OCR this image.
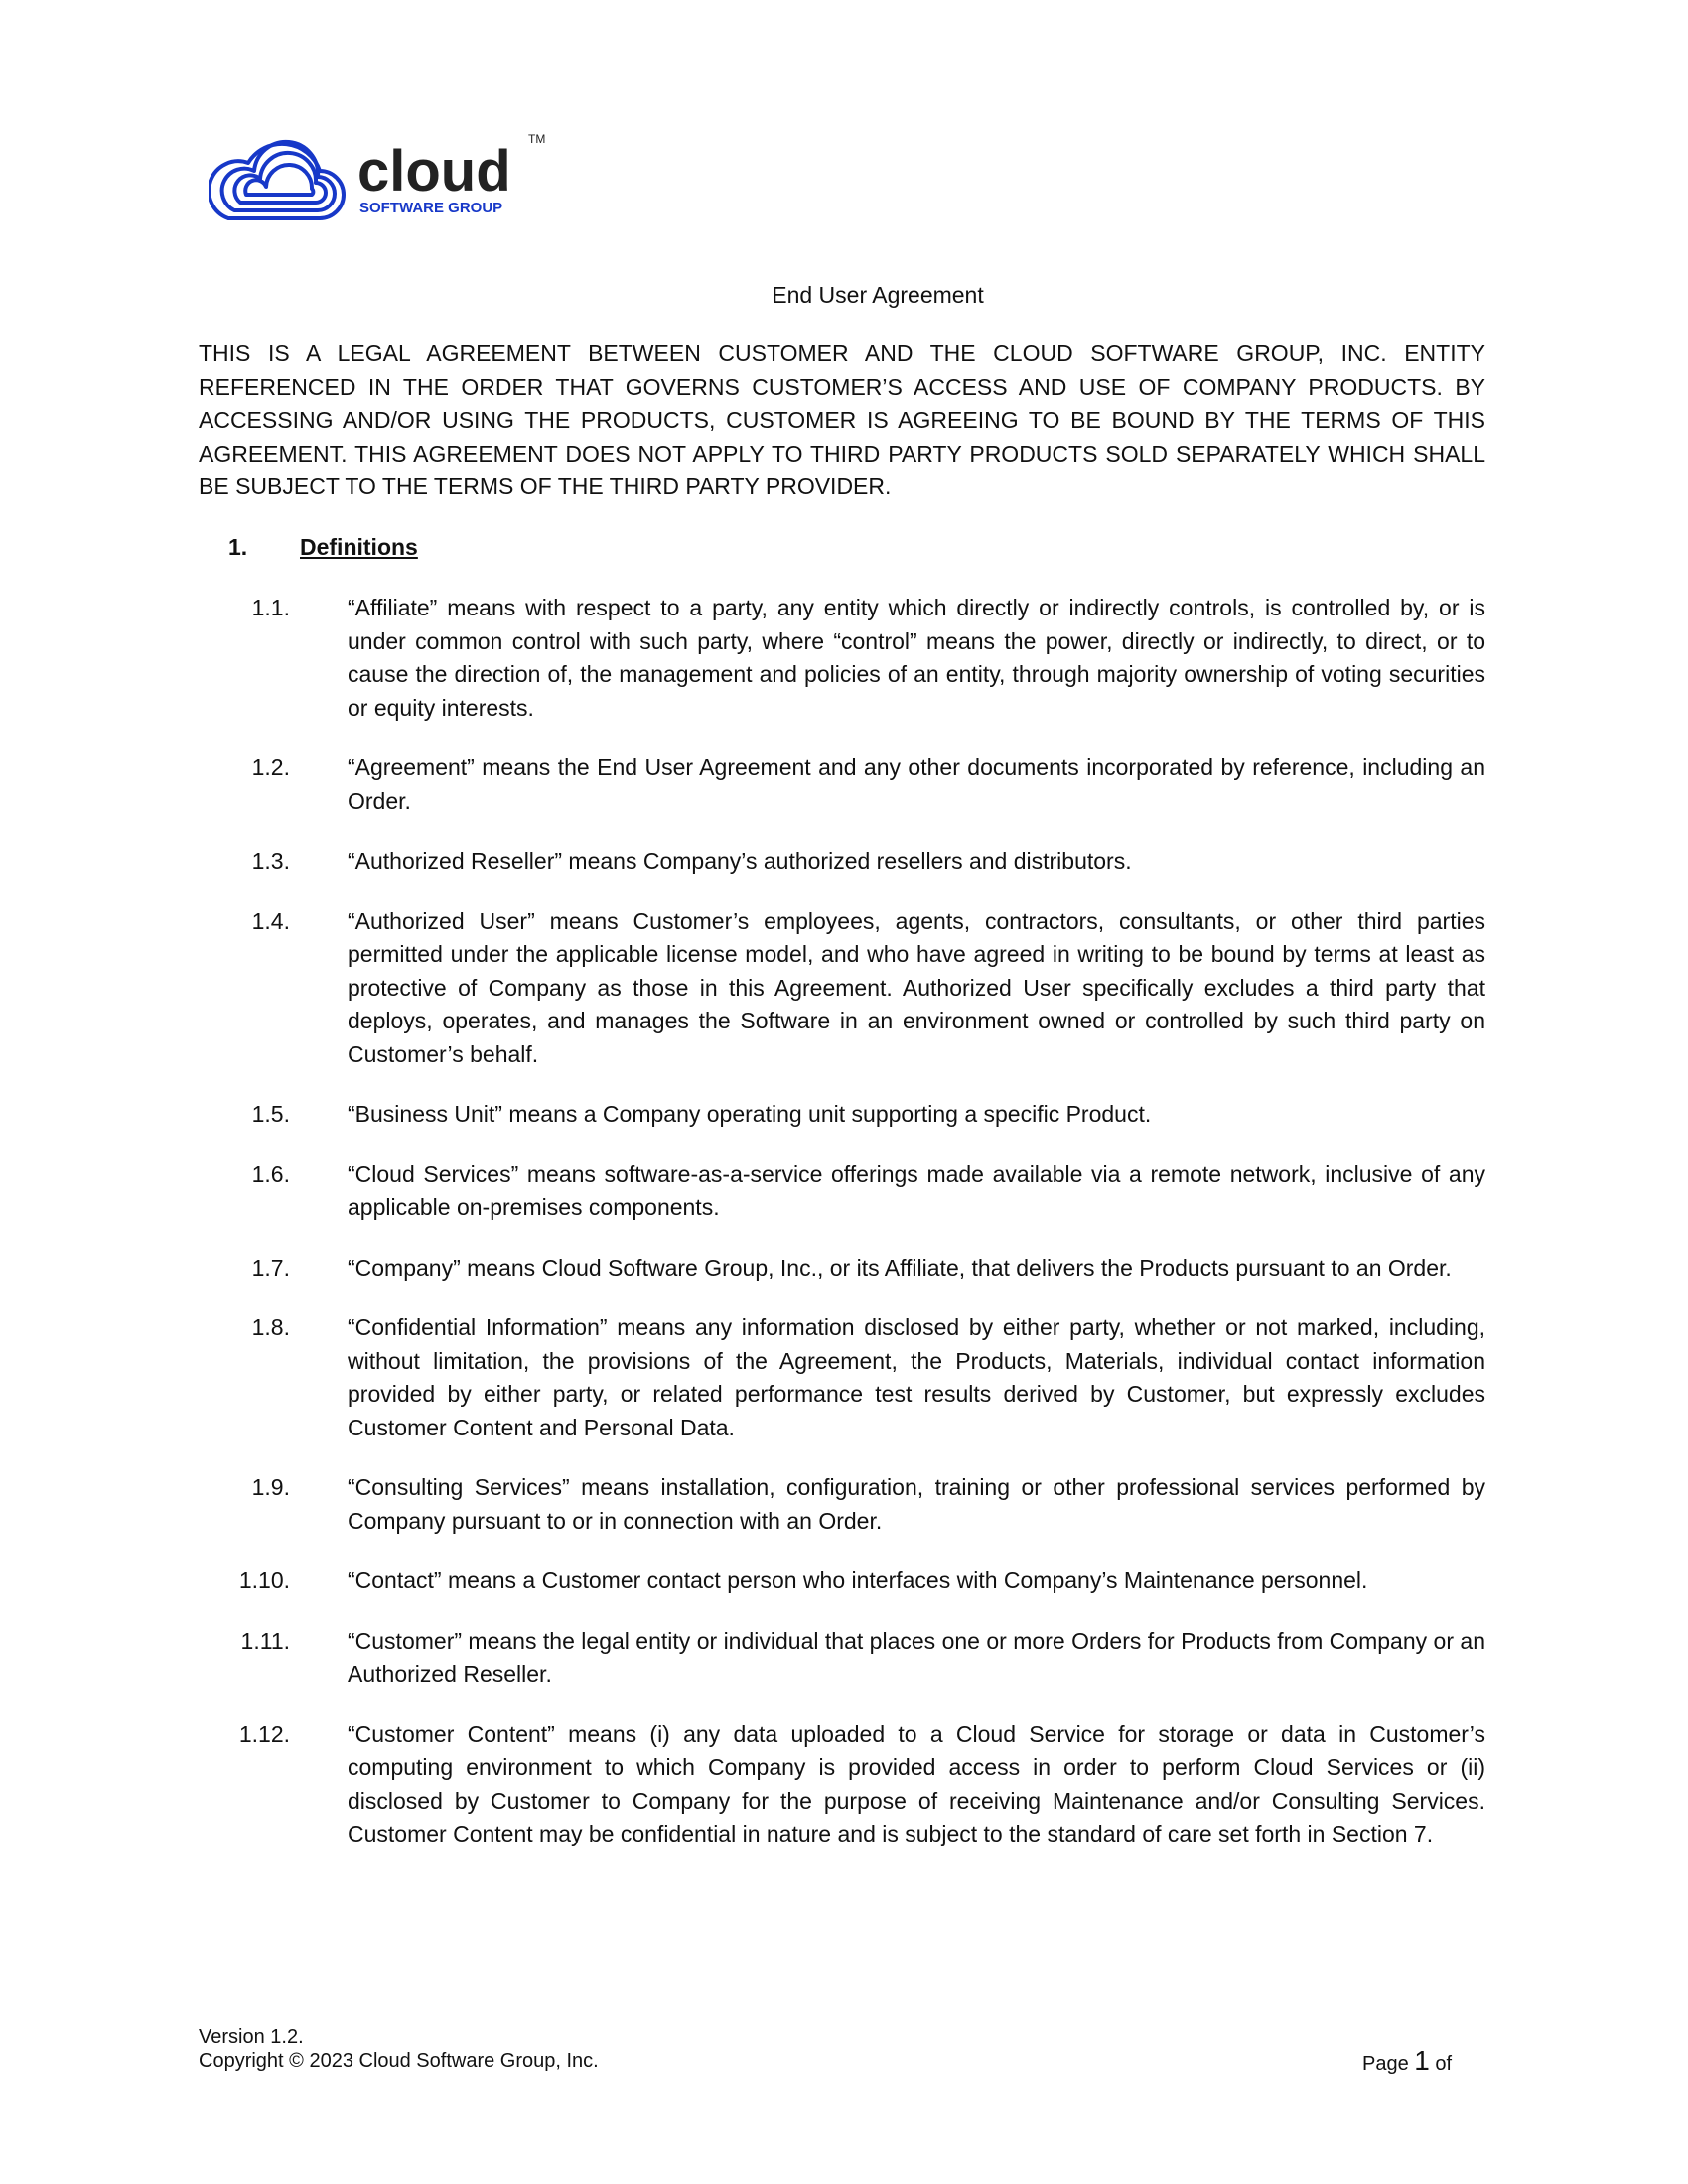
cloud TM
SOFTWARE GROUP
End User Agreement

THIS IS A LEGAL AGREEMENT BETWEEN CUSTOMER AND THE CLOUD SOFTWARE GROUP, INC. ENTITY REFERENCED IN THE ORDER THAT GOVERNS CUSTOMER’S ACCESS AND USE OF COMPANY PRODUCTS. BY ACCESSING AND/OR USING THE PRODUCTS, CUSTOMER IS AGREEING TO BE BOUND BY THE TERMS OF THIS AGREEMENT. THIS AGREEMENT DOES NOT APPLY TO THIRD PARTY PRODUCTS SOLD SEPARATELY WHICH SHALL BE SUBJECT TO THE TERMS OF THE THIRD PARTY PROVIDER.

1. Definitions
1.1.	“Affiliate” means with respect to a party, any entity which directly or indirectly controls, is controlled by, or is under common control with such party, where “control” means the power, directly or indirectly, to direct, or to cause the direction of, the management and policies of an entity, through majority ownership of voting securities or equity interests.
1.2.	“Agreement” means the End User Agreement and any other documents incorporated by reference, including an Order.
1.3.	“Authorized Reseller” means Company’s authorized resellers and distributors.
1.4.	“Authorized User” means Customer’s employees, agents, contractors, consultants, or other third parties permitted under the applicable license model, and who have agreed in writing to be bound by terms at least as protective of Company as those in this Agreement. Authorized User specifically excludes a third party that deploys, operates, and manages the Software in an environment owned or controlled by such third party on Customer’s behalf.
1.5.	“Business Unit” means a Company operating unit supporting a specific Product.
1.6.	“Cloud Services” means software-as-a-service offerings made available via a remote network, inclusive of any applicable on-premises components.
1.7.	“Company” means Cloud Software Group, Inc., or its Affiliate, that delivers the Products pursuant to an Order.
1.8.	“Confidential Information” means any information disclosed by either party, whether or not marked, including, without limitation, the provisions of the Agreement, the Products, Materials, individual contact information provided by either party, or related performance test results derived by Customer, but expressly excludes Customer Content and Personal Data.
1.9.	“Consulting Services” means installation, configuration, training or other professional services performed by Company pursuant to or in connection with an Order.
1.10.	“Contact” means a Customer contact person who interfaces with Company’s Maintenance personnel.
1.11.	“Customer” means the legal entity or individual that places one or more Orders for Products from Company or an Authorized Reseller.
1.12.	“Customer Content” means (i) any data uploaded to a Cloud Service for storage or data in Customer’s computing environment to which Company is provided access in order to perform Cloud Services or (ii) disclosed by Customer to Company for the purpose of receiving Maintenance and/or Consulting Services. Customer Content may be confidential in nature and is subject to the standard of care set forth in Section 7.
Version 1.2.
Copyright © 2023 Cloud Software Group, Inc.	Page 1 of
